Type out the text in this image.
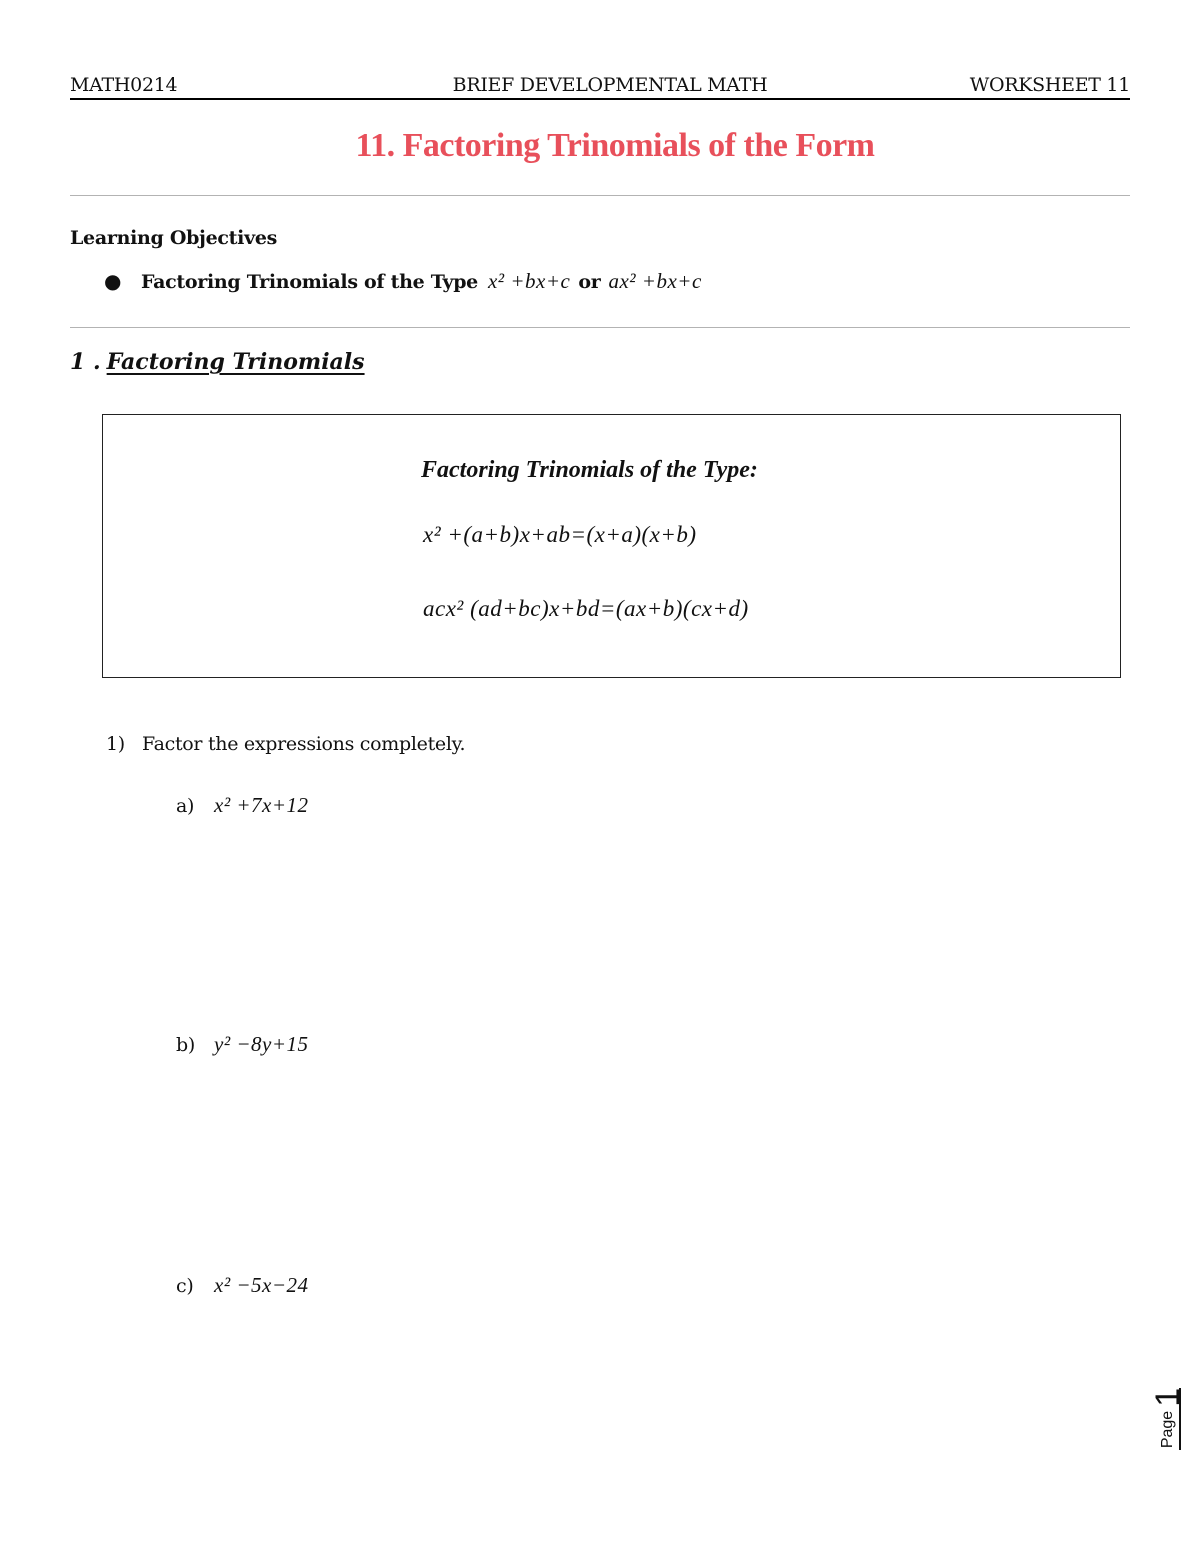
MATH0214	BRIEF DEVELOPMENTAL MATH	WORKSHEET 11
11. Factoring Trinomials of the Form
Learning Objectives
●	Factoring Trinomials of the Type x² +bx+c or ax² +bx+c
1 . Factoring Trinomials
Factoring Trinomials of the Type:
x² +(a+b)x+ab=(x+a)(x+b)
acx² (ad+bc)x+bd=(ax+b)(cx+d)
1) Factor the expressions completely.
a) x² +7x+12
b) y² −8y+15
c) x² −5x−24
Page
1
